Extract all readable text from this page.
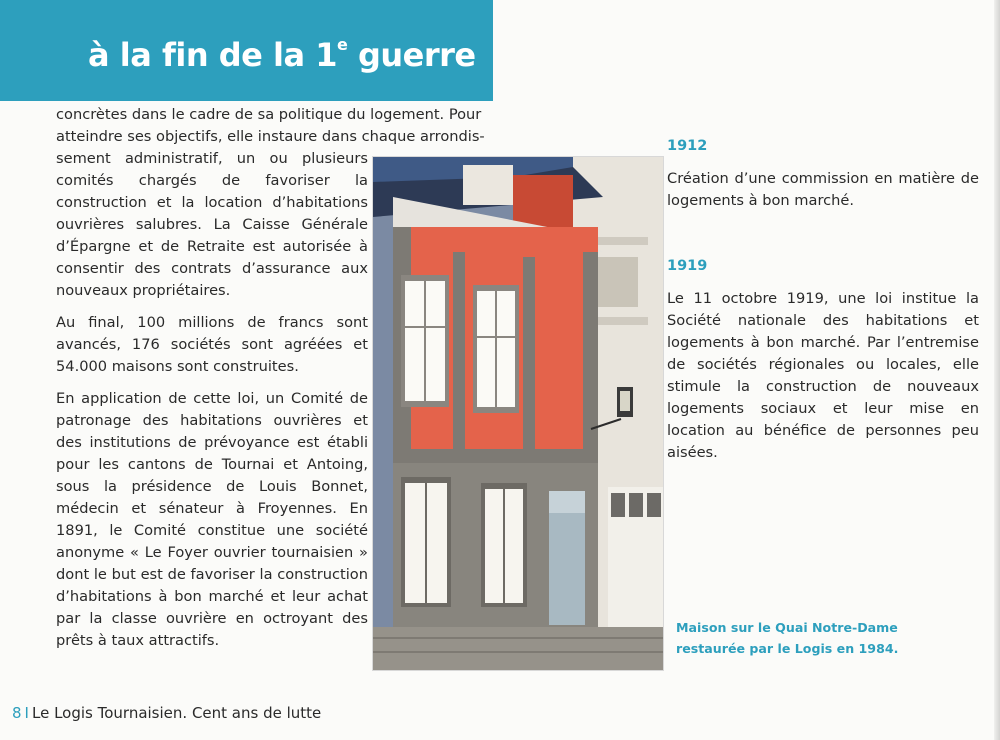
à la fin de la 1e guerre

concrètes dans le cadre de sa politique du logement. Pour
atteindre ses objectifs, elle instaure dans chaque arrondis-

sement administratif, un ou plusieurs comités chargés de favoriser la construction et la location d’habitations ouvrières salubres. La Caisse Générale d’Épargne et de Retraite est autorisée à consentir des contrats d’assurance aux nouveaux propriétaires.

Au final, 100 millions de francs sont avancés, 176 sociétés sont agréées et 54.000 maisons sont construites.

En application de cette loi, un Comité de patronage des habitations ouvrières et des institutions de prévoyance est établi pour les cantons de Tournai et Antoing, sous la présidence de Louis Bonnet, médecin et sénateur à Froyennes. En 1891, le Comité constitue une société anonyme « Le Foyer ouvrier tournaisien » dont le but est de favoriser la construction d’habitations à bon marché et leur achat par la classe ouvrière en octroyant des prêts à taux attractifs.

1912

Création d’une commission en matière de logements à bon marché.

1919

Le 11 octobre 1919, une loi institue la Société nationale des habitations et logements à bon marché. Par l’entremise de sociétés régionales ou locales, elle stimule la construction de nouveaux logements sociaux et leur mise en location au bénéfice de personnes peu aisées.

Maison sur le Quai Notre-Dame
restaurée par le Logis en 1984.
8 I Le Logis Tournaisien. Cent ans de lutte
